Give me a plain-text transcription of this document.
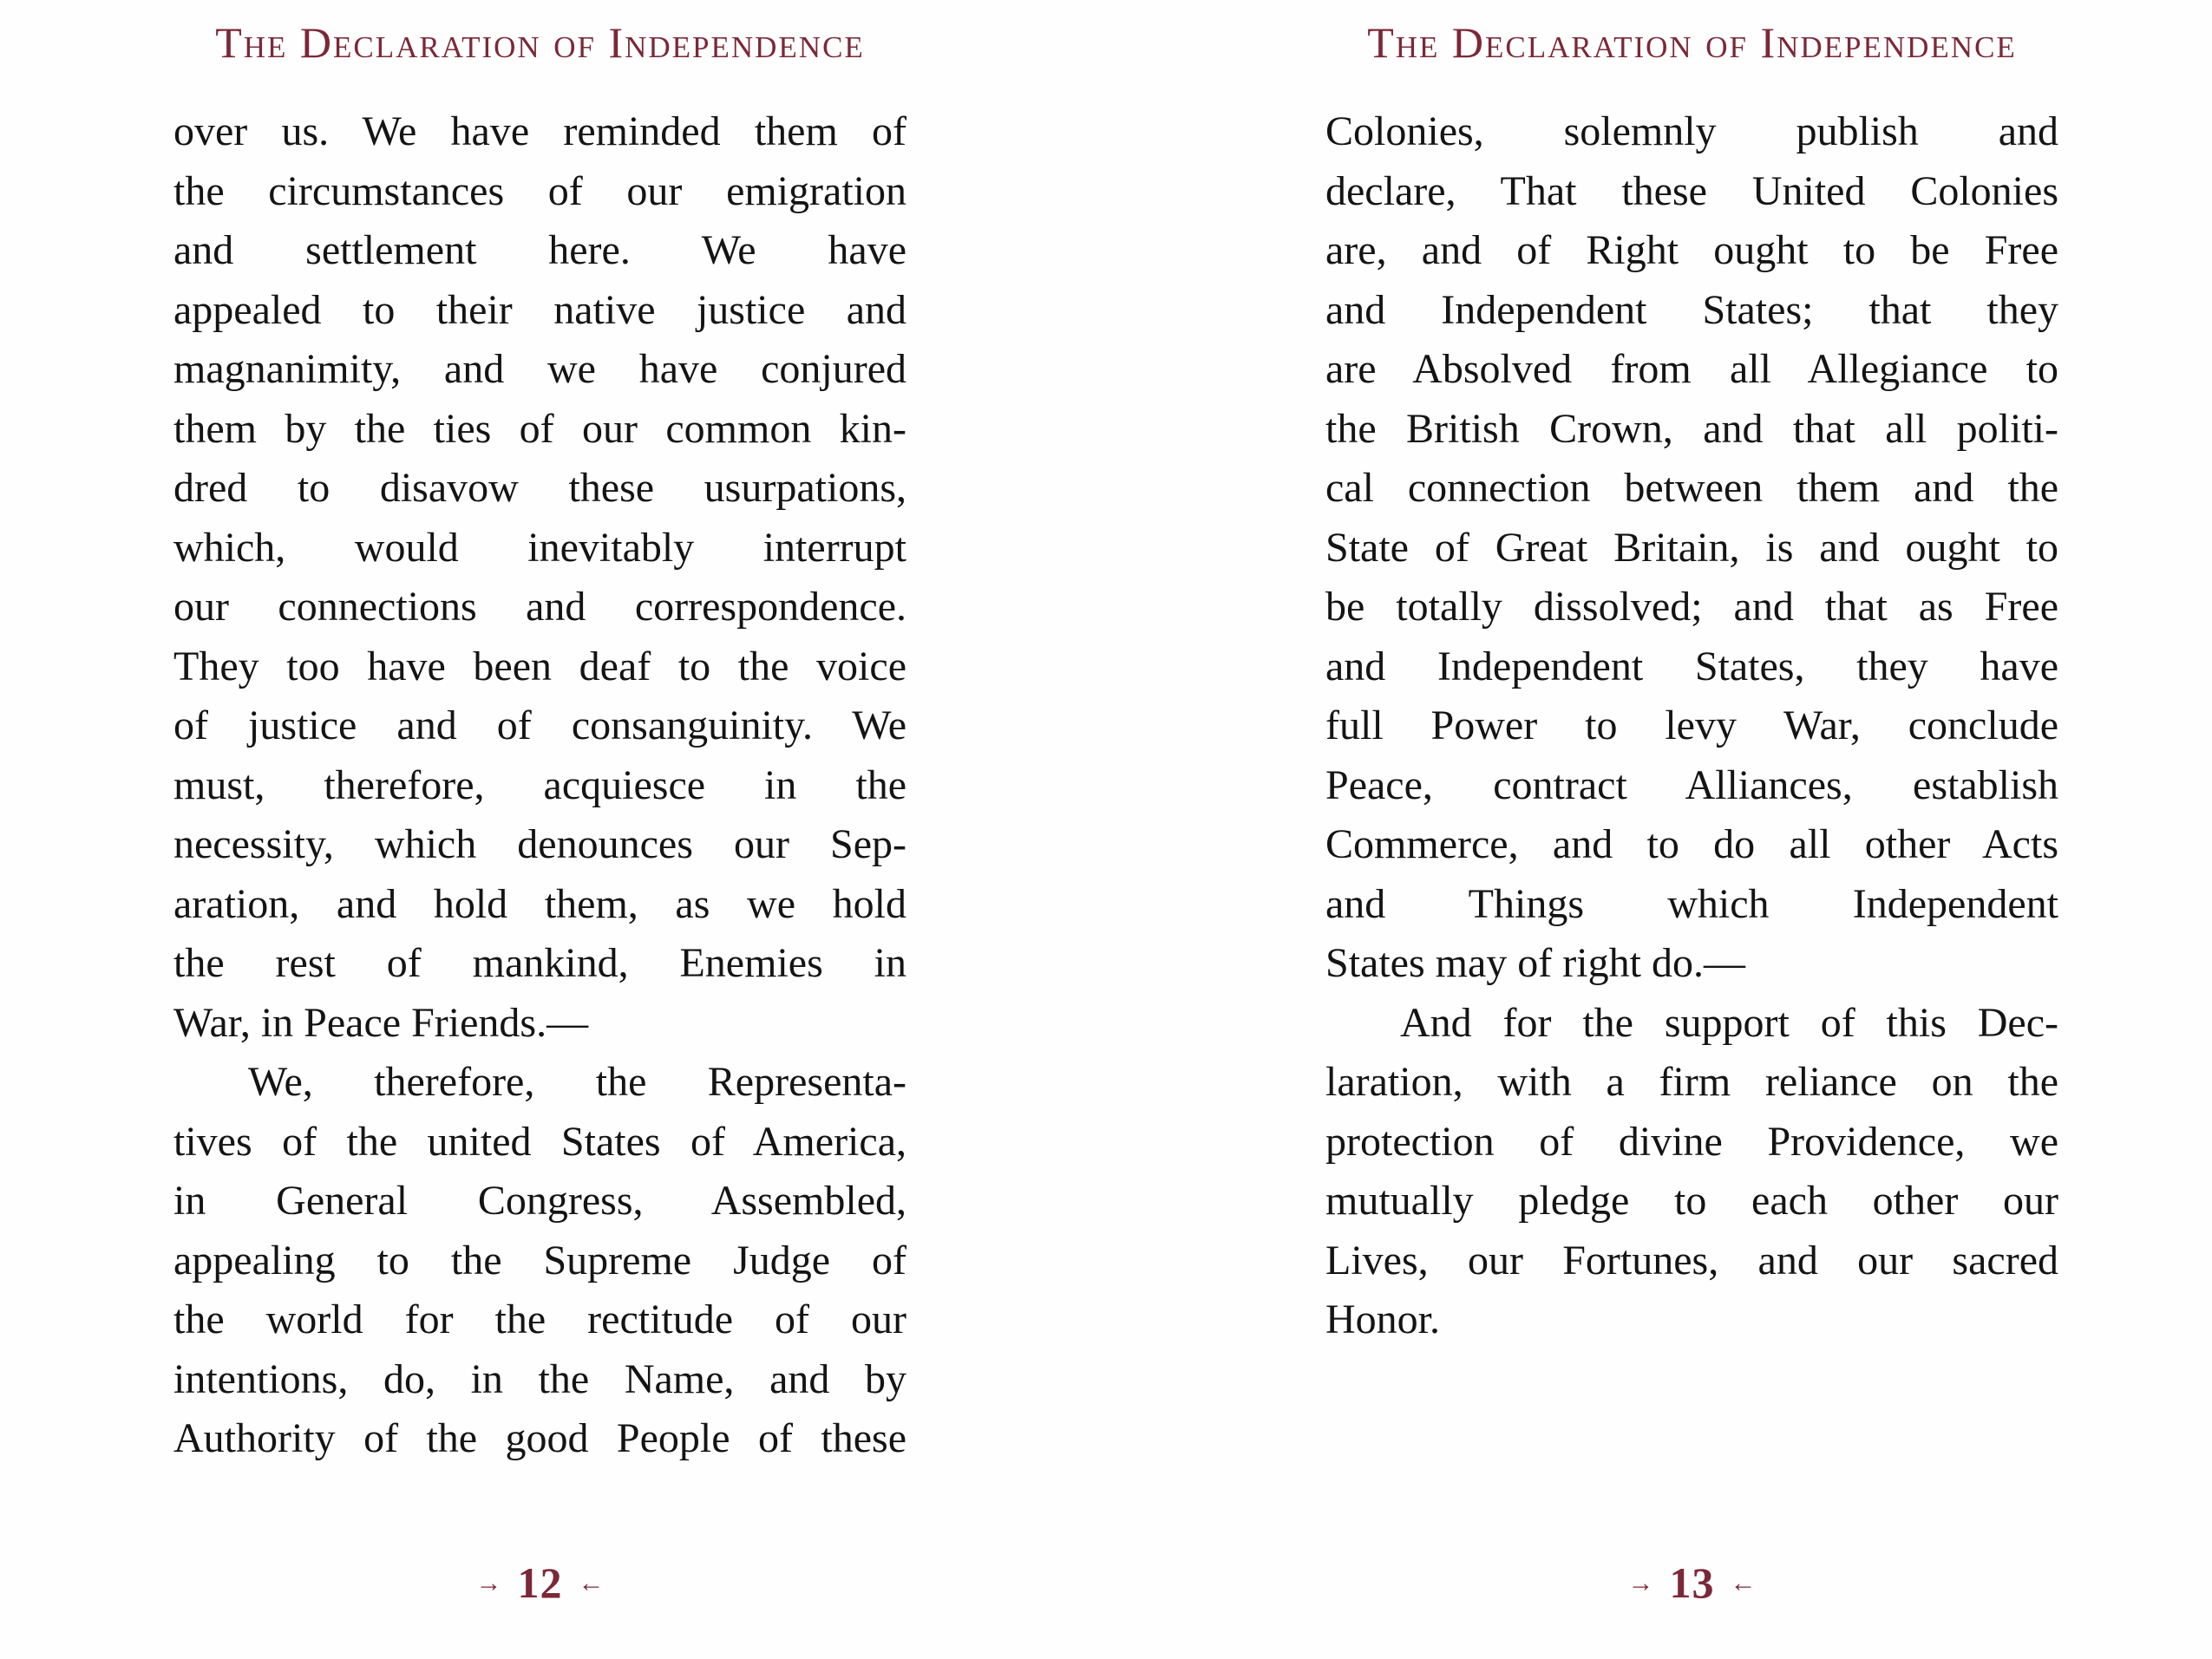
The Declaration of Independence
over us. We have reminded them of
the circumstances of our emigration
and settlement here. We have
appealed to their native justice and
magnanimity, and we have conjured
them by the ties of our common kin-
dred to disavow these usurpations,
which, would inevitably interrupt
our connections and correspondence.
They too have been deaf to the voice
of justice and of consanguinity. We
must, therefore, acquiesce in the
necessity, which denounces our Sep-
aration, and hold them, as we hold
the rest of mankind, Enemies in
War, in Peace Friends.—
We, therefore, the Representa-
tives of the united States of America,
in General Congress, Assembled,
appealing to the Supreme Judge of
the world for the rectitude of our
intentions, do, in the Name, and by
Authority of the good People of these
→ 12 ←
The Declaration of Independence
Colonies, solemnly publish and
declare, That these United Colonies
are, and of Right ought to be Free
and Independent States; that they
are Absolved from all Allegiance to
the British Crown, and that all politi-
cal connection between them and the
State of Great Britain, is and ought to
be totally dissolved; and that as Free
and Independent States, they have
full Power to levy War, conclude
Peace, contract Alliances, establish
Commerce, and to do all other Acts
and Things which Independent
States may of right do.—
And for the support of this Dec-
laration, with a firm reliance on the
protection of divine Providence, we
mutually pledge to each other our
Lives, our Fortunes, and our sacred
Honor.
→ 13 ←
